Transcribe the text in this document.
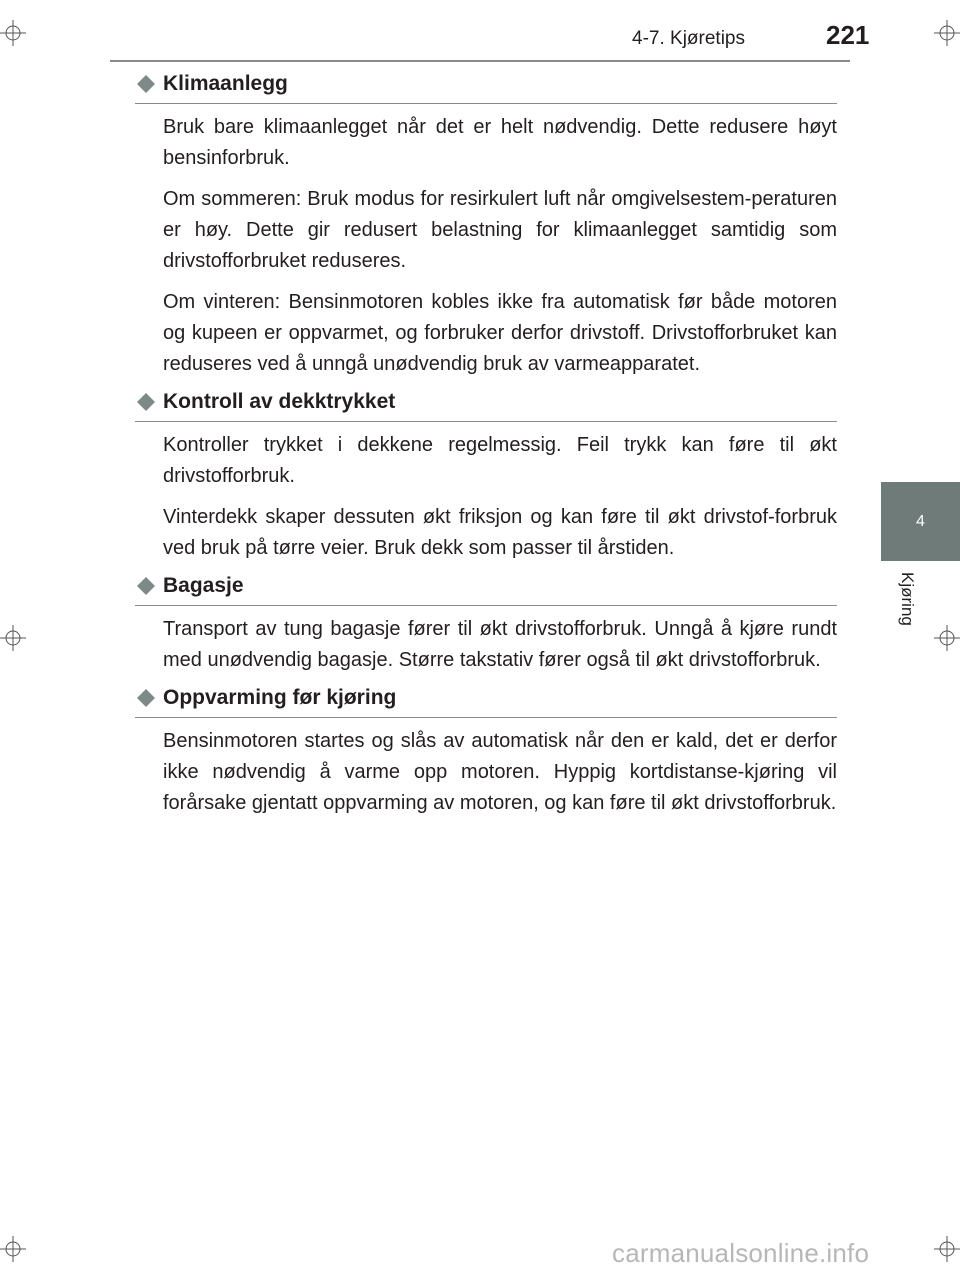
4-7. Kjøretips	221
4
Kjøring
Klimaanlegg

Bruk bare klimaanlegget når det er helt nødvendig. Dette redusere høyt bensinforbruk.

Om sommeren: Bruk modus for resirkulert luft når omgivelsestem-peraturen er høy. Dette gir redusert belastning for klimaanlegget samtidig som drivstofforbruket reduseres.

Om vinteren: Bensinmotoren kobles ikke fra automatisk før både motoren og kupeen er oppvarmet, og forbruker derfor drivstoff. Drivstofforbruket kan reduseres ved å unngå unødvendig bruk av varmeapparatet.

Kontroll av dekktrykket

Kontroller trykket i dekkene regelmessig. Feil trykk kan føre til økt drivstofforbruk.

Vinterdekk skaper dessuten økt friksjon og kan føre til økt drivstof-forbruk ved bruk på tørre veier. Bruk dekk som passer til årstiden.

Bagasje

Transport av tung bagasje fører til økt drivstofforbruk. Unngå å kjøre rundt med unødvendig bagasje. Større takstativ fører også til økt drivstofforbruk.

Oppvarming før kjøring

Bensinmotoren startes og slås av automatisk når den er kald, det er derfor ikke nødvendig å varme opp motoren. Hyppig kortdistanse-kjøring vil forårsake gjentatt oppvarming av motoren, og kan føre til økt drivstofforbruk.

carmanualsonline.info
